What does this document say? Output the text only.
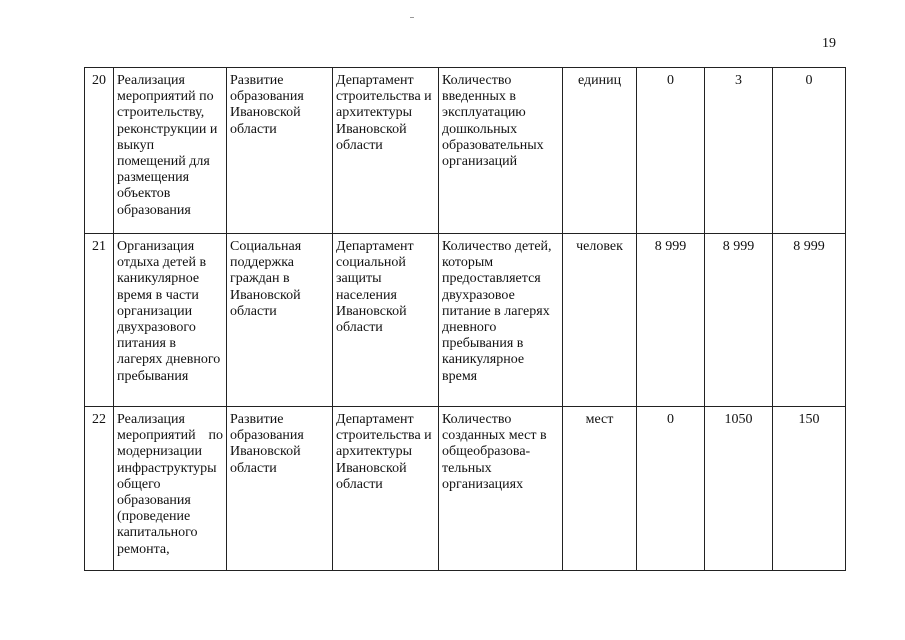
19
20	Реализация мероприятий по строительству, реконструкции и выкуп помещений для размещения объектов образования	Развитие образования Ивановской области	Департамент строительства и архитектуры Ивановской области	Количество введенных в эксплуатацию дошкольных образовательных организаций	единиц	0	3	0
21	Организация отдыха детей в каникулярное время в части организации двухразового питания в лагерях дневного пребывания	Социальная поддержка граждан в Ивановской области	Департамент социальной защиты населения Ивановской области	Количество детей, которым предоставляется двухразовое питание в лагерях дневного пребывания в каникулярное время	человек	8 999	8 999	8 999
22	Реализация мероприятий по модернизации инфраструктуры общего образования (проведение капитального ремонта,	Развитие образования Ивановской области	Департамент строительства и архитектуры Ивановской области	Количество созданных мест в общеобразова-тельных организациях	мест	0	1050	150
